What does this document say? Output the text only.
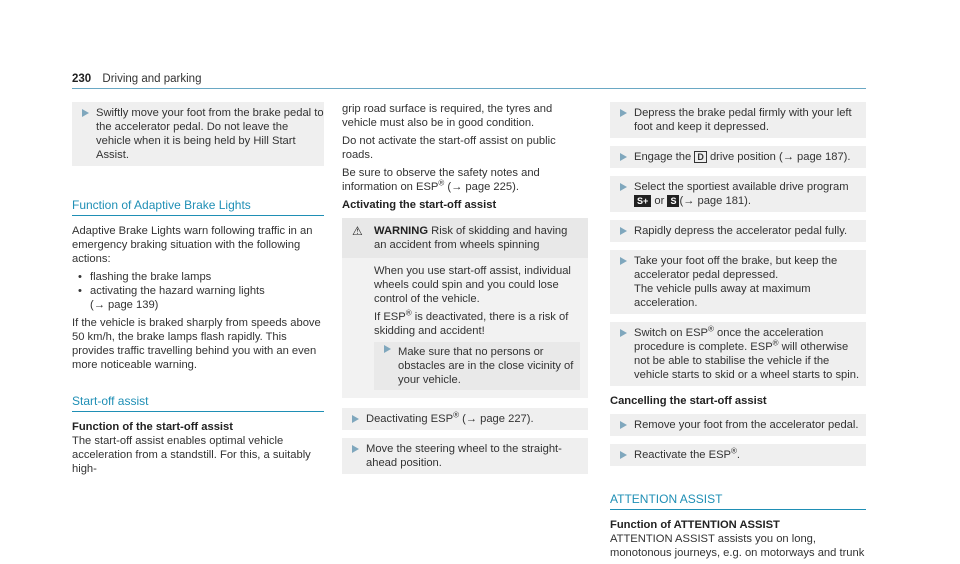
230 Driving and parking
Swiftly move your foot from the brake pedal to the accelerator pedal. Do not leave the vehicle when it is being held by Hill Start Assist.
Function of Adaptive Brake Lights

Adaptive Brake Lights warn following traffic in an emergency braking situation with the following actions:

• flashing the brake lamps
• activating the hazard warning lights
(→ page 139)

If the vehicle is braked sharply from speeds above 50 km/h, the brake lamps flash rapidly. This provides traffic travelling behind you with an even more noticeable warning.

Start-off assist
Function of the start-off assist

The start-off assist enables optimal vehicle acceleration from a standstill. For this, a suitably high-

grip road surface is required, the tyres and vehicle must also be in good condition.

Do not activate the start-off assist on public roads.

Be sure to observe the safety notes and information on ESP® (→ page 225).

Activating the start-off assist
⚠ WARNING Risk of skidding and having an accident from wheels spinning

When you use start-off assist, individual wheels could spin and you could lose control of the vehicle.

If ESP® is deactivated, there is a risk of skidding and accident!

Make sure that no persons or obstacles are in the close vicinity of your vehicle.
Deactivating ESP® (→ page 227).
Move the steering wheel to the straight-ahead position.
Depress the brake pedal firmly with your left foot and keep it depressed.
Engage the D drive position (→ page 187).
Select the sportiest available drive program S+ or S (→ page 181).
Rapidly depress the accelerator pedal fully.
Take your foot off the brake, but keep the accelerator pedal depressed.
The vehicle pulls away at maximum acceleration.
Switch on ESP® once the acceleration procedure is complete. ESP® will otherwise not be able to stabilise the vehicle if the vehicle starts to skid or a wheel starts to spin.
Cancelling the start-off assist
Remove your foot from the accelerator pedal.
Reactivate the ESP®.
ATTENTION ASSIST
Function of ATTENTION ASSIST

ATTENTION ASSIST assists you on long, monotonous journeys, e.g. on motorways and trunk
